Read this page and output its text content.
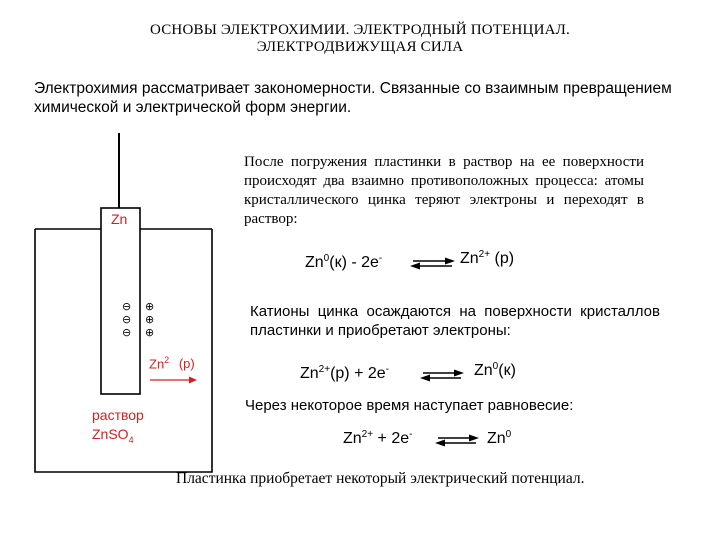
ОСНОВЫ ЭЛЕКТРОХИМИИ. ЭЛЕКТРОДНЫЙ ПОТЕНЦИАЛ.
ЭЛЕКТРОДВИЖУЩАЯ СИЛА
Электрохимия рассматривает закономерности. Связанные со взаимным превращением химической и электрической форм энергии.
Zn
⊖
⊖
⊖
⊕
⊕
⊕
Zn$^2$ (р)
раствор
ZnSO$_4$
После погружения пластинки в раствор на ее поверхности происходят два взаимно противоположных процесса: атомы кристаллического цинка теряют электроны и переходят в раствор:
Zn$^0$(к) - 2e-	$Zn^{2+}$ (р)
Катионы цинка осаждаются на поверхности кристаллов пластинки и приобретают электроны:
$Zn^{2+}(р) + 2e^-$	Zn$^0$(к)
Через некоторое время наступает равновесие:
$Zn^{2+} + 2e^-$	Zn$^0$
Пластинка приобретает некоторый электрический потенциал.
